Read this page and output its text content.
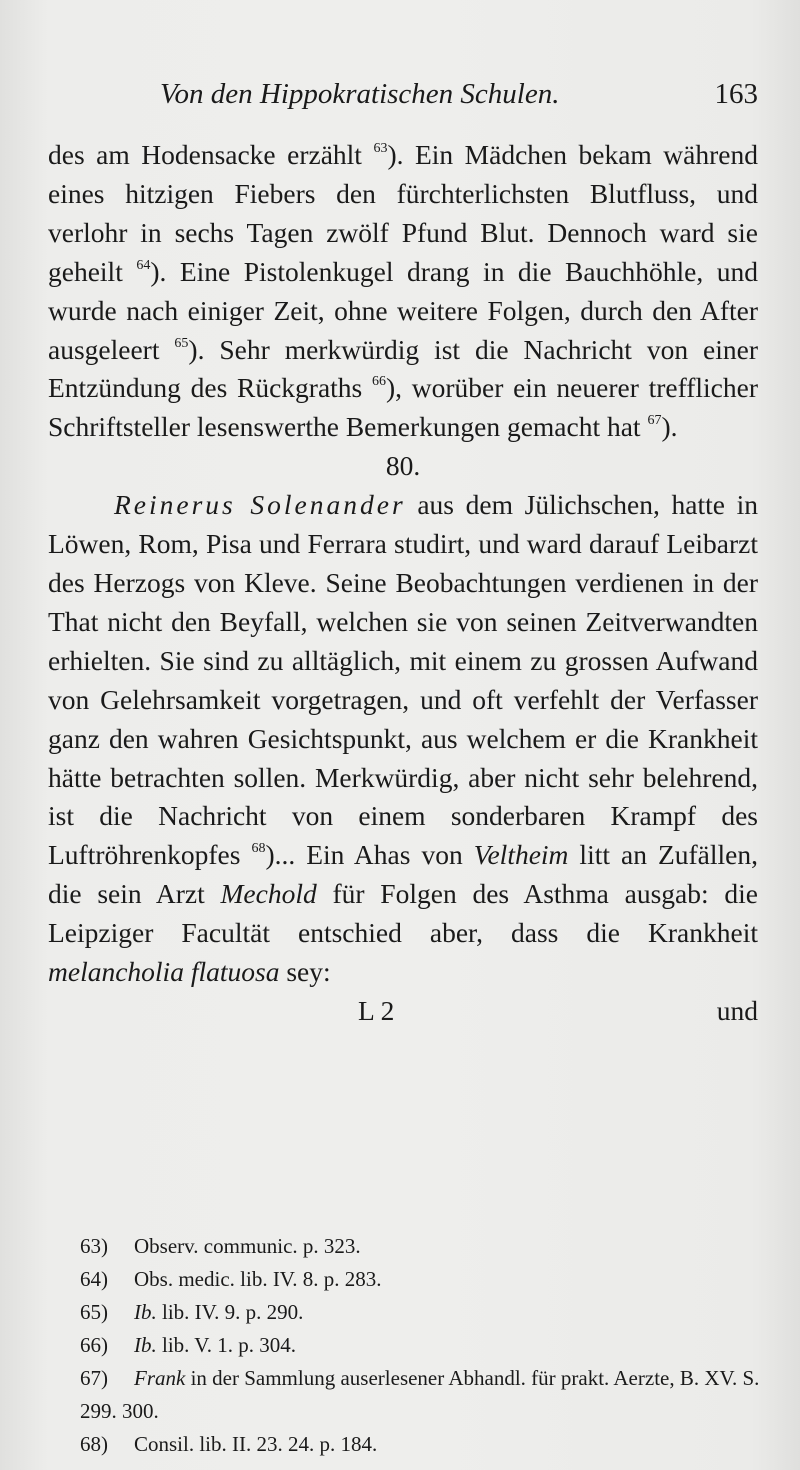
Von den Hippokratischen Schulen.	163

des am Hodensacke erzählt $^{63}$). Ein Mädchen bekam während eines hitzigen Fiebers den fürchterlichsten Blutfluss, und verlohr in sechs Tagen zwölf Pfund Blut. Dennoch ward sie geheilt $^{64}$). Eine Pistolenkugel drang in die Bauchhöhle, und wurde nach einiger Zeit, ohne weitere Folgen, durch den After ausgeleert $^{65}$). Sehr merkwürdig ist die Nachricht von einer Entzündung des Rückgraths $^{66}$), worüber ein neuerer trefflicher Schriftsteller lesenswerthe Bemerkungen gemacht hat $^{67}$).

80.

Reinerus Solenander aus dem Jülichschen, hatte in Löwen, Rom, Pisa und Ferrara studirt, und ward darauf Leibarzt des Herzogs von Kleve. Seine Beobachtungen verdienen in der That nicht den Beyfall, welchen sie von seinen Zeitverwandten erhielten. Sie sind zu alltäglich, mit einem zu grossen Aufwand von Gelehrsamkeit vorgetragen, und oft verfehlt der Verfasser ganz den wahren Gesichtspunkt, aus welchem er die Krankheit hätte betrachten sollen. Merkwürdig, aber nicht sehr belehrend, ist die Nachricht von einem sonderbaren Krampf des Luftröhrenkopfes $^{68}$)... Ein Ahas von Veltheim litt an Zufällen, die sein Arzt Mechold für Folgen des Asthma ausgab: die Leipziger Facultät entschied aber, dass die Krankheit melancholia flatuosa sey:

L 2	und
63) Observ. communic. p. 323.
64) Obs. medic. lib. IV. 8. p. 283.
65) Ib. lib. IV. 9. p. 290.
66) Ib. lib. V. 1. p. 304.
67) Frank in der Sammlung auserlesener Abhandl. für prakt. Aerzte, B. XV. S. 299. 300.
68) Consil. lib. II. 23. 24. p. 184.
